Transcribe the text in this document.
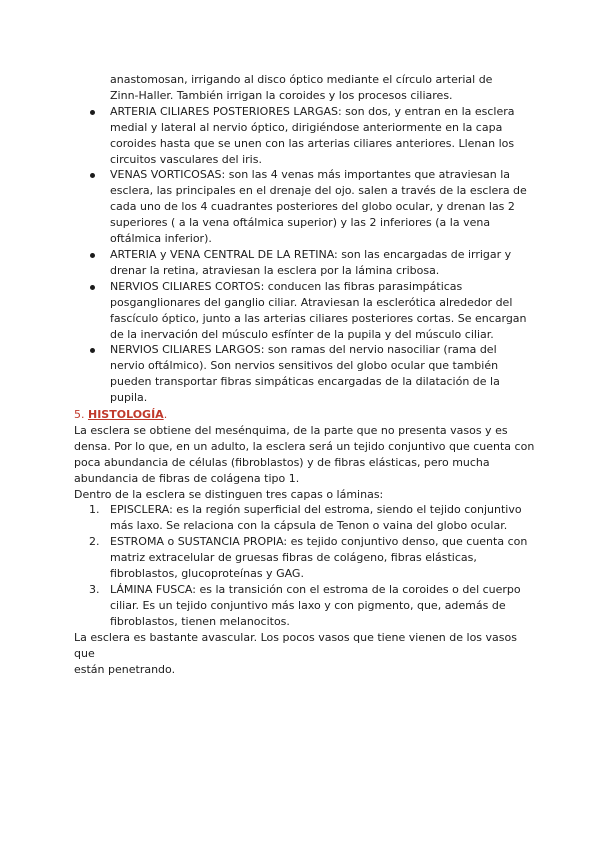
anastomosan, irrigando al disco óptico mediante el círculo arterial de
Zinn-Haller. También irrigan la coroides y los procesos ciliares.
ARTERIA CILIARES POSTERIORES LARGAS: son dos, y entran en la esclera
medial y lateral al nervio óptico, dirigiéndose anteriormente en la capa
coroides hasta que se unen con las arterias ciliares anteriores. Llenan los
circuitos vasculares del iris.
VENAS VORTICOSAS: son las 4 venas más importantes que atraviesan la
esclera, las principales en el drenaje del ojo. salen a través de la esclera de
cada uno de los 4 cuadrantes posteriores del globo ocular, y drenan las 2
superiores ( a la vena oftálmica superior) y las 2 inferiores (a la vena
oftálmica inferior).
ARTERIA y VENA CENTRAL DE LA RETINA: son las encargadas de irrigar y
drenar la retina, atraviesan la esclera por la lámina cribosa.
NERVIOS CILIARES CORTOS: conducen las fibras parasimpáticas
posganglionares del ganglio ciliar. Atraviesan la esclerótica alrededor del
fascículo óptico, junto a las arterias ciliares posteriores cortas. Se encargan
de la inervación del músculo esfínter de la pupila y del músculo ciliar.
NERVIOS CILIARES LARGOS: son ramas del nervio nasociliar (rama del
nervio oftálmico). Son nervios sensitivos del globo ocular que también
pueden transportar fibras simpáticas encargadas de la dilatación de la
pupila.
5. HISTOLOGÍA.

La esclera se obtiene del mesénquima, de la parte que no presenta vasos y es
densa. Por lo que, en un adulto, la esclera será un tejido conjuntivo que cuenta con
poca abundancia de células (fibroblastos) y de fibras elásticas, pero mucha
abundancia de fibras de colágena tipo 1.
Dentro de la esclera se distinguen tres capas o láminas:

1. EPISCLERA: es la región superficial del estroma, siendo el tejido conjuntivo
más laxo. Se relaciona con la cápsula de Tenon o vaina del globo ocular.
2. ESTROMA o SUSTANCIA PROPIA: es tejido conjuntivo denso, que cuenta con
matriz extracelular de gruesas fibras de colágeno, fibras elásticas,
fibroblastos, glucoproteínas y GAG.
3. LÁMINA FUSCA: es la transición con el estroma de la coroides o del cuerpo
ciliar. Es un tejido conjuntivo más laxo y con pigmento, que, además de
fibroblastos, tienen melanocitos.

La esclera es bastante avascular. Los pocos vasos que tiene vienen de los vasos que
están penetrando.
